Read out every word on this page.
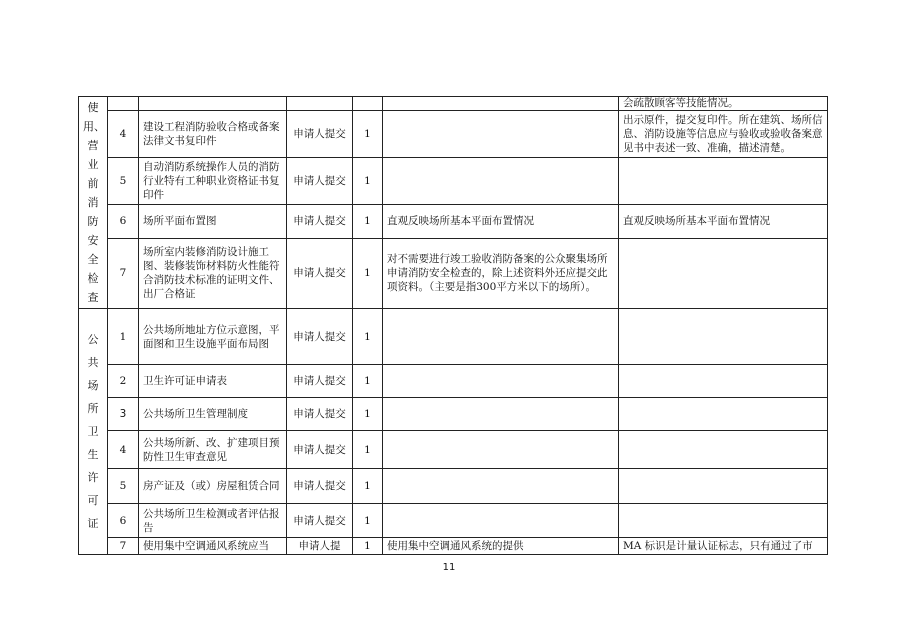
使用、营业前消防安全检查						会疏散顾客等技能情况。
	4	建设工程消防验收合格或备案法律文书复印件	申请人提交	1		出示原件，提交复印件。所在建筑、场所信息、消防设施等信息应与验收或验收备案意见书中表述一致、准确，描述清楚。
	5	自动消防系统操作人员的消防行业特有工种职业资格证书复印件	申请人提交	1		
	6	场所平面布置图	申请人提交	1	直观反映场所基本平面布置情况	直观反映场所基本平面布置情况
	7	场所室内装修消防设计施工图、装修装饰材料防火性能符合消防技术标准的证明文件、出厂合格证	申请人提交	1	对不需要进行竣工验收消防备案的公众聚集场所申请消防安全检查的，除上述资料外还应提交此项资料。（主要是指300平方米以下的场所）。	

公共场所卫生许可证	1	公共场所地址方位示意图，平面图和卫生设施平面布局图	申请人提交	1		
	2	卫生许可证申请表	申请人提交	1		
	3	公共场所卫生管理制度	申请人提交	1		
	4	公共场所新、改、扩建项目预防性卫生审查意见	申请人提交	1		
	5	房产证及（或）房屋租赁合同	申请人提交	1		
	6	公共场所卫生检测或者评估报告	申请人提交	1		
	7	使用集中空调通风系统应当	申请人提	1	使用集中空调通风系统的提供	MA 标识是计量认证标志，只有通过了市
11
